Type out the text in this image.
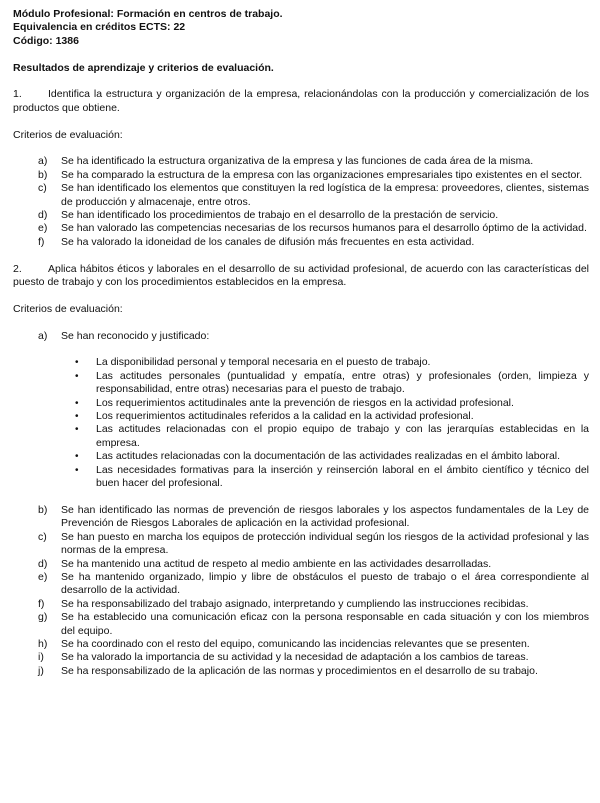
Módulo Profesional: Formación en centros de trabajo.

Equivalencia en créditos ECTS: 22

Código: 1386

Resultados de aprendizaje y criterios de evaluación.

1. Identifica la estructura y organización de la empresa, relacionándolas con la producción y comercialización de los productos que obtiene.

Criterios de evaluación:

a) Se ha identificado la estructura organizativa de la empresa y las funciones de cada área de la misma.
b) Se ha comparado la estructura de la empresa con las organizaciones empresariales tipo existentes en el sector.
c) Se han identificado los elementos que constituyen la red logística de la empresa: proveedores, clientes, sistemas de producción y almacenaje, entre otros.
d) Se han identificado los procedimientos de trabajo en el desarrollo de la prestación de servicio.
e) Se han valorado las competencias necesarias de los recursos humanos para el desarrollo óptimo de la actividad.
f) Se ha valorado la idoneidad de los canales de difusión más frecuentes en esta actividad.

2. Aplica hábitos éticos y laborales en el desarrollo de su actividad profesional, de acuerdo con las características del puesto de trabajo y con los procedimientos establecidos en la empresa.

Criterios de evaluación:

a) Se han reconocido y justificado:
• La disponibilidad personal y temporal necesaria en el puesto de trabajo.
• Las actitudes personales (puntualidad y empatía, entre otras) y profesionales (orden, limpieza y responsabilidad, entre otras) necesarias para el puesto de trabajo.
• Los requerimientos actitudinales ante la prevención de riesgos en la actividad profesional.
• Los requerimientos actitudinales referidos a la calidad en la actividad profesional.
• Las actitudes relacionadas con el propio equipo de trabajo y con las jerarquías establecidas en la empresa.
• Las actitudes relacionadas con la documentación de las actividades realizadas en el ámbito laboral.
• Las necesidades formativas para la inserción y reinserción laboral en el ámbito científico y técnico del buen hacer del profesional.
b) Se han identificado las normas de prevención de riesgos laborales y los aspectos fundamentales de la Ley de Prevención de Riesgos Laborales de aplicación en la actividad profesional.
c) Se han puesto en marcha los equipos de protección individual según los riesgos de la actividad profesional y las normas de la empresa.
d) Se ha mantenido una actitud de respeto al medio ambiente en las actividades desarrolladas.
e) Se ha mantenido organizado, limpio y libre de obstáculos el puesto de trabajo o el área correspondiente al desarrollo de la actividad.
f) Se ha responsabilizado del trabajo asignado, interpretando y cumpliendo las instrucciones recibidas.
g) Se ha establecido una comunicación eficaz con la persona responsable en cada situación y con los miembros del equipo.
h) Se ha coordinado con el resto del equipo, comunicando las incidencias relevantes que se presenten.
i) Se ha valorado la importancia de su actividad y la necesidad de adaptación a los cambios de tareas.
j) Se ha responsabilizado de la aplicación de las normas y procedimientos en el desarrollo de su trabajo.
